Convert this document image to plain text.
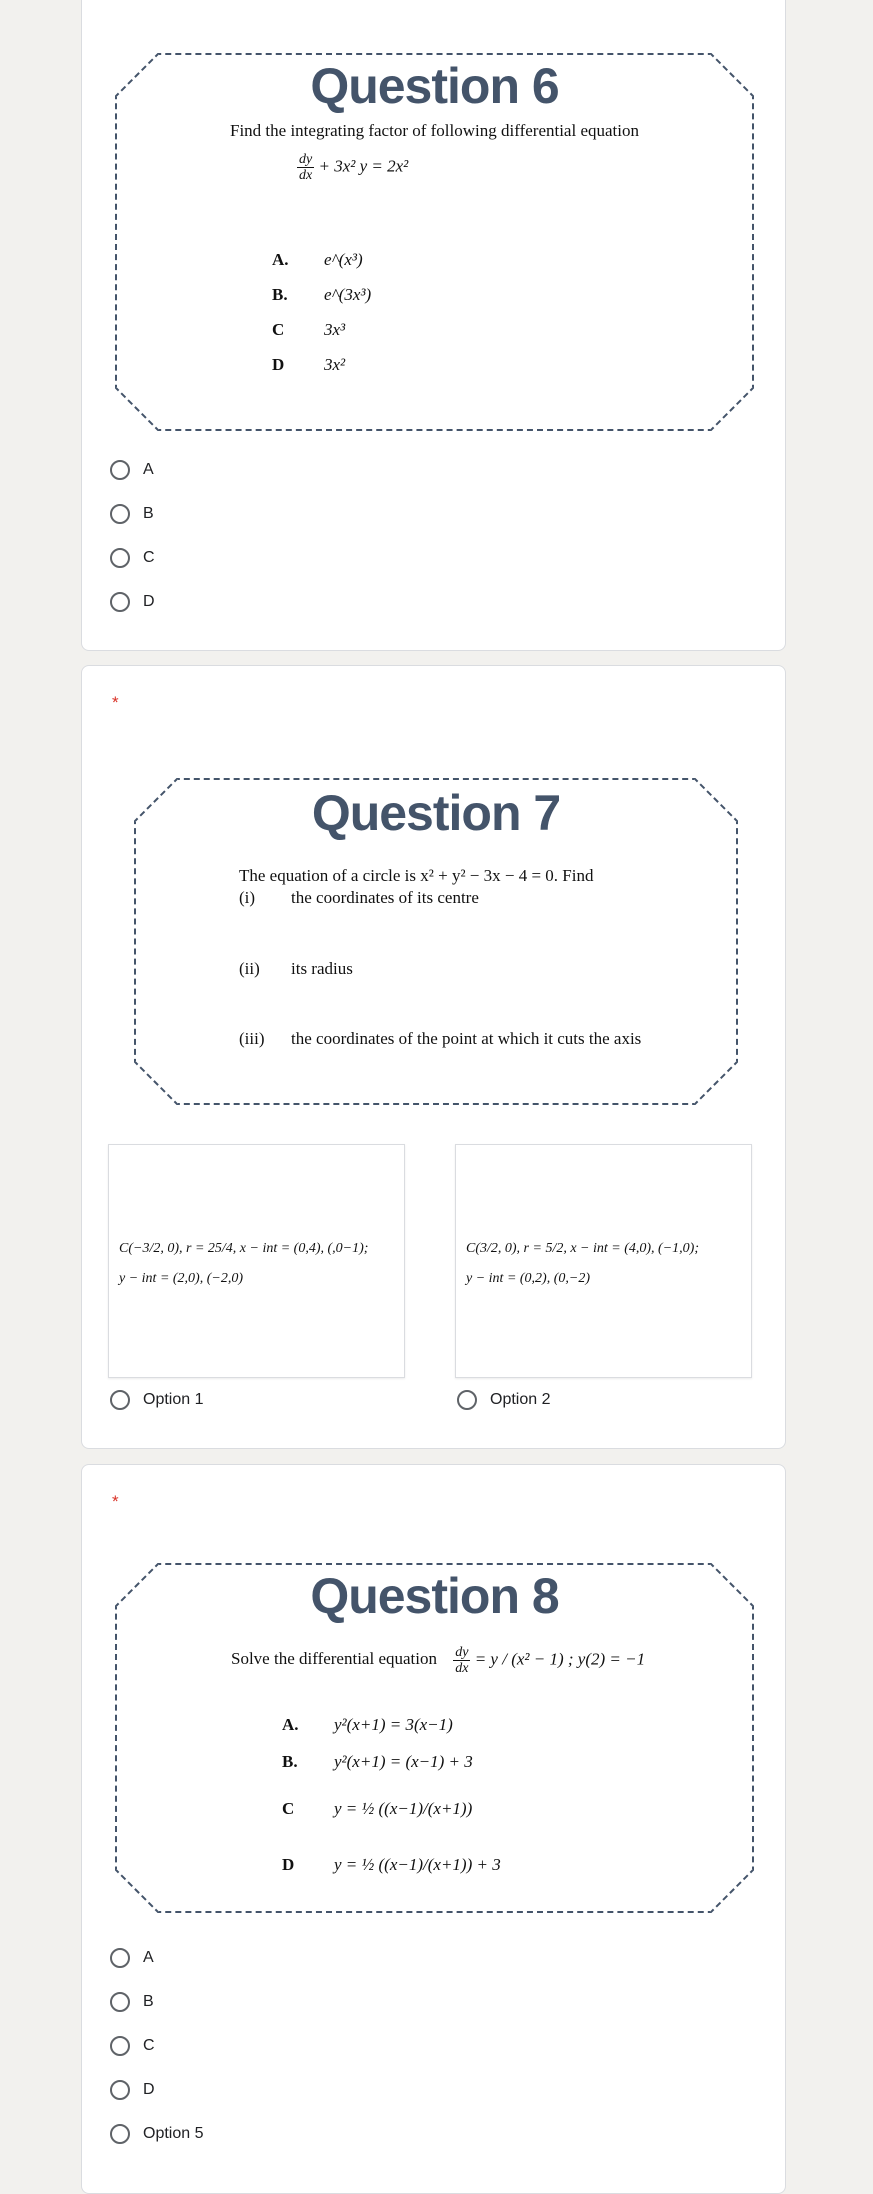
Question 6
Find the integrating factor of following differential equation
$\frac{dy}{dx} + 3x^2$ y = 2x²
A. e^(x³)
B. e^(3x³)
C 3x³
D 3x²
A
B
C
D
*
Question 7
The equation of a circle is x² + y² − 3x − 4 = 0. Find
(i) the coordinates of its centre
(ii) its radius
(iii) the coordinates of the point at which it cuts the axis
C(−3/2, 0), r = 25/4, x − int = (0,4), (,0−1);
y − int = (2,0), (−2,0)
C(3/2, 0), r = 5/2, x − int = (4,0), (−1,0);
y − int = (0,2), (0,−2)
Option 1	Option 2
*
Question 8
Solve the differential equation $\frac{dy}{dx} = y / (x^2 - 1)$ ; y(2) = −1
A. y²(x+1) = 3(x−1)
B. y²(x+1) = (x−1) + 3
C y = ½ ((x−1)/(x+1))
D y = ½ ((x−1)/(x+1)) + 3
A
B
C
D
Option 5
